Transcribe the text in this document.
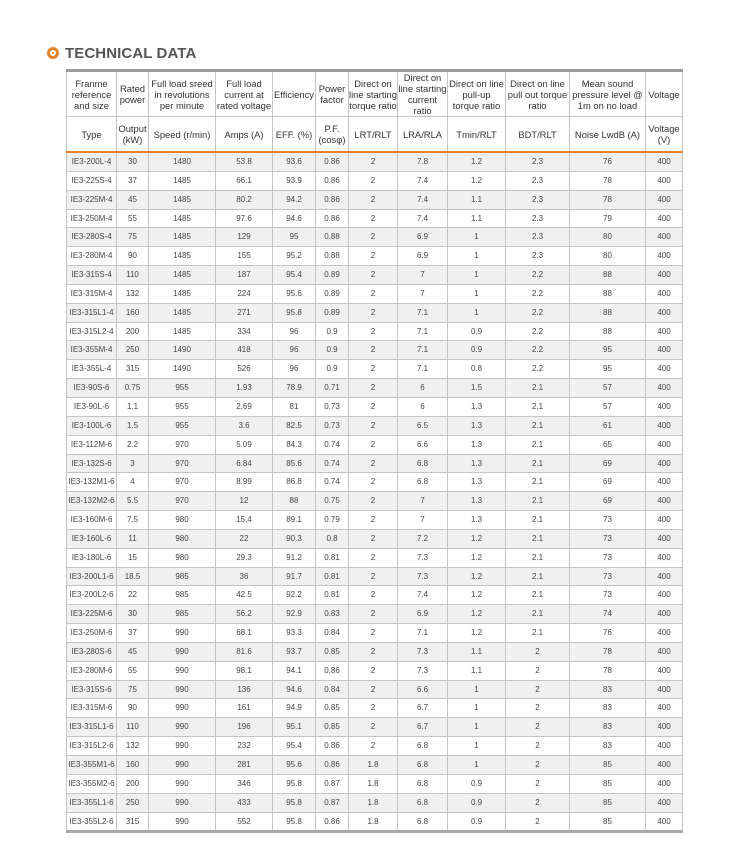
TECHNICAL DATA
Franme reference and size	Rated power	Full load sreed in revolutions per minute	Full load current at rated voltage	Efficiency	Power factor	Direct on line starting torque ratio	Direct on line starting current ratio	Direct on line pull-up torque ratio	Direct on line pull out torque ratio	Mean sound pressure level @ 1m on no load	Voltage
Type	Output (kW)	Speed (r/min)	Amps (A)	EFF. (%)	P.F. (cosφ)	LRT/RLT	LRA/RLA	Tmin/RLT	BDT/RLT	Noise LwdB (A)	Voltage (V)
IE3-200L-4	30	1480	53.8	93.6	0.86	2	7.8	1.2	2.3	76	400
IE3-225S-4	37	1485	66.1	93.9	0.86	2	7.4	1.2	2.3	78	400
IE3-225M-4	45	1485	80.2	94.2	0.86	2	7.4	1.1	2.3	78	400
IE3-250M-4	55	1485	97.6	94.6	0.86	2	7.4	1.1	2.3	79	400
IE3-280S-4	75	1485	129	95	0.88	2	6.9	1	2.3	80	400
IE3-280M-4	90	1485	155	95.2	0.88	2	6.9	1	2.3	80	400
IE3-315S-4	110	1485	187	95.4	0.89	2	7	1	2.2	88	400
IE3-315M-4	132	1485	224	95.6	0.89	2	7	1	2.2	88	400
IE3-315L1-4	160	1485	271	95.8	0.89	2	7.1	1	2.2	88	400
IE3-315L2-4	200	1485	334	96	0.9	2	7.1	0.9	2.2	88	400
IE3-355M-4	250	1490	418	96	0.9	2	7.1	0.9	2.2	95	400
IE3-355L-4	315	1490	526	96	0.9	2	7.1	0.8	2.2	95	400
IE3-90S-6	0.75	955	1.93	78.9	0.71	2	6	1.5	2.1	57	400
IE3-90L-6	1.1	955	2.69	81	0.73	2	6	1.3	2.1	57	400
IE3-100L-6	1.5	955	3.6	82.5	0.73	2	6.5	1.3	2.1	61	400
IE3-112M-6	2.2	970	5.09	84.3	0.74	2	6.6	1.3	2.1	65	400
IE3-132S-6	3	970	6.84	85.6	0.74	2	6.8	1.3	2.1	69	400
IE3-132M1-6	4	970	8.99	86.8	0.74	2	6.8	1.3	2.1	69	400
IE3-132M2-6	5.5	970	12	88	0.75	2	7	1.3	2.1	69	400
IE3-160M-6	7.5	980	15.4	89.1	0.79	2	7	1.3	2.1	73	400
IE3-160L-6	11	980	22	90.3	0.8	2	7.2	1.2	2.1	73	400
IE3-180L-6	15	980	29.3	91.2	0.81	2	7.3	1.2	2.1	73	400
IE3-200L1-6	18.5	985	36	91.7	0.81	2	7.3	1.2	2.1	73	400
IE3-200L2-6	22	985	42.5	92.2	0.81	2	7.4	1.2	2.1	73	400
IE3-225M-6	30	985	56.2	92.9	0.83	2	6.9	1.2	2.1	74	400
IE3-250M-6	37	990	68.1	93.3	0.84	2	7.1	1.2	2.1	76	400
IE3-280S-6	45	990	81.6	93.7	0.85	2	7.3	1.1	2	78	400
IE3-280M-6	55	990	98.1	94.1	0.86	2	7.3	1.1	2	78	400
IE3-315S-6	75	990	136	94.6	0.84	2	6.6	1	2	83	400
IE3-315M-6	90	990	161	94.9	0.85	2	6.7	1	2	83	400
IE3-315L1-6	110	990	196	95.1	0.85	2	6.7	1	2	83	400
IE3-315L2-6	132	990	232	95.4	0.86	2	6.8	1	2	83	400
IE3-355M1-6	160	990	281	95.6	0.86	1.8	6.8	1	2	85	400
IE3-355M2-6	200	990	346	95.8	0.87	1.8	6.8	0.9	2	85	400
IE3-355L1-6	250	990	433	95.8	0.87	1.8	6.8	0.9	2	85	400
IE3-355L2-6	315	990	552	95.8	0.86	1.8	6.8	0.9	2	85	400
